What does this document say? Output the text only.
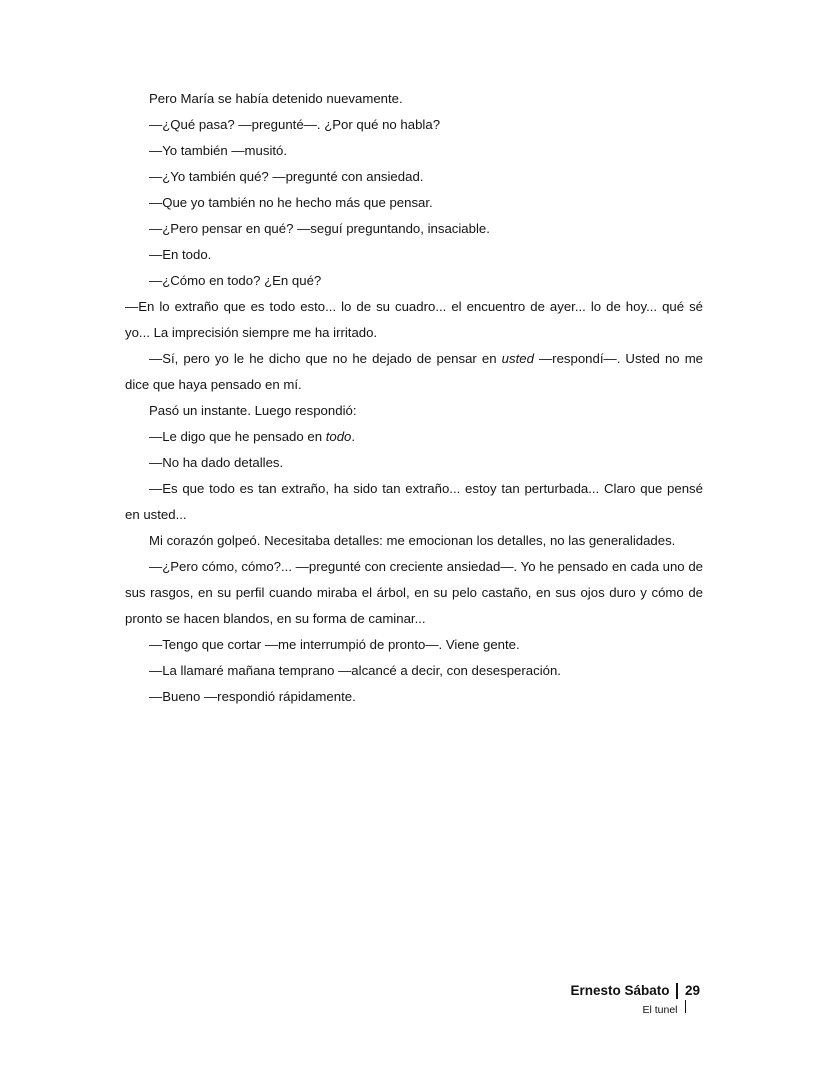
Pero María se había detenido nuevamente.

—¿Qué pasa? —pregunté—. ¿Por qué no habla?

—Yo también —musitó.

—¿Yo también qué? —pregunté con ansiedad.

—Que yo también no he hecho más que pensar.

—¿Pero pensar en qué? —seguí preguntando, insaciable.

—En todo.

—¿Cómo en todo? ¿En qué?

—En lo extraño que es todo esto... lo de su cuadro... el encuentro de ayer... lo de hoy... qué sé yo... La imprecisión siempre me ha irritado.

—Sí, pero yo le he dicho que no he dejado de pensar en usted —respondí—. Usted no me dice que haya pensado en mí.

Pasó un instante. Luego respondió:

—Le digo que he pensado en todo.

—No ha dado detalles.

—Es que todo es tan extraño, ha sido tan extraño... estoy tan perturbada... Claro que pensé en usted...

Mi corazón golpeó. Necesitaba detalles: me emocionan los detalles, no las generalidades.

—¿Pero cómo, cómo?... —pregunté con creciente ansiedad—. Yo he pensado en cada uno de sus rasgos, en su perfil cuando miraba el árbol, en su pelo castaño, en sus ojos duro y cómo de pronto se hacen blandos, en su forma de caminar...

—Tengo que cortar —me interrumpió de pronto—. Viene gente.

—La llamaré mañana temprano —alcancé a decir, con desesperación.

—Bueno —respondió rápidamente.

Ernesto Sábato	29
El tunel
